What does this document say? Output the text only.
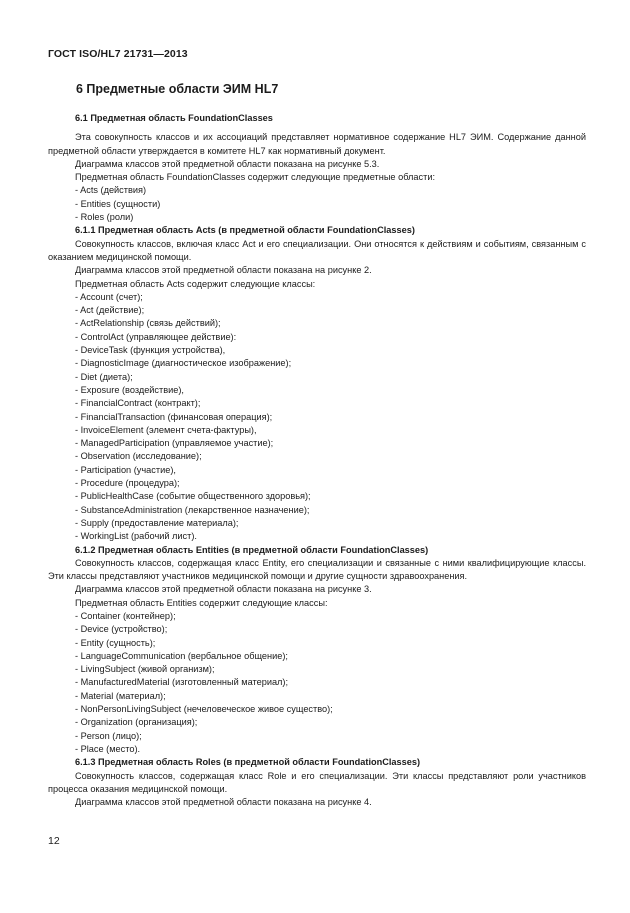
ГОСТ ISO/HL7 21731—2013
6 Предметные области ЭИМ HL7

6.1 Предметная область FoundationClasses

Эта совокупность классов и их ассоциаций представляет нормативное содержание HL7 ЭИМ. Содержание данной предметной области утверждается в комитете HL7 как нормативный документ.

Диаграмма классов этой предметной области показана на рисунке 5.3.

Предметная область FoundationClasses содержит следующие предметные области:

- Acts (действия)

- Entities (сущности)

- Roles (роли)

6.1.1 Предметная область Acts (в предметной области FoundationClasses)

Совокупность классов, включая класс Act и его специализации. Они относятся к действиям и событиям, связанным с оказанием медицинской помощи.

Диаграмма классов этой предметной области показана на рисунке 2.

Предметная область Acts содержит следующие классы:

- Account (счет);

- Act (действие);

- ActRelationship (связь действий);

- ControlAct (управляющее действие):

- DeviceTask (функция устройства),

- DiagnosticImage (диагностическое изображение);

- Diet (диета);

- Exposure (воздействие),

- FinancialContract (контракт);

- FinancialTransaction (финансовая операция);

- InvoiceElement (элемент счета-фактуры),

- ManagedParticipation (управляемое участие);

- Observation (исследование);

- Participation (участие),

- Procedure (процедура);

- PublicHealthCase (событие общественного здоровья);

- SubstanceAdministration (лекарственное назначение);

- Supply (предоставление материала);

- WorkingList (рабочий лист).

6.1.2 Предметная область Entities (в предметной области FoundationClasses)

Совокупность классов, содержащая класс Entity, его специализации и связанные с ними квалифицирующие классы. Эти классы представляют участников медицинской помощи и другие сущности здравоохранения.

Диаграмма классов этой предметной области показана на рисунке 3.

Предметная область Entities содержит следующие классы:

- Container (контейнер);

- Device (устройство);

- Entity (сущность);

- LanguageCommunication (вербальное общение);

- LivingSubject (живой организм);

- ManufacturedMaterial (изготовленный материал);

- Material (материал);

- NonPersonLivingSubject (нечеловеческое живое существо);

- Organization (организация);

- Person (лицо);

- Place (место).

6.1.3 Предметная область Roles (в предметной области FoundationClasses)

Совокупность классов, содержащая класс Role и его специализации. Эти классы представляют роли участников процесса оказания медицинской помощи.

Диаграмма классов этой предметной области показана на рисунке 4.

12
